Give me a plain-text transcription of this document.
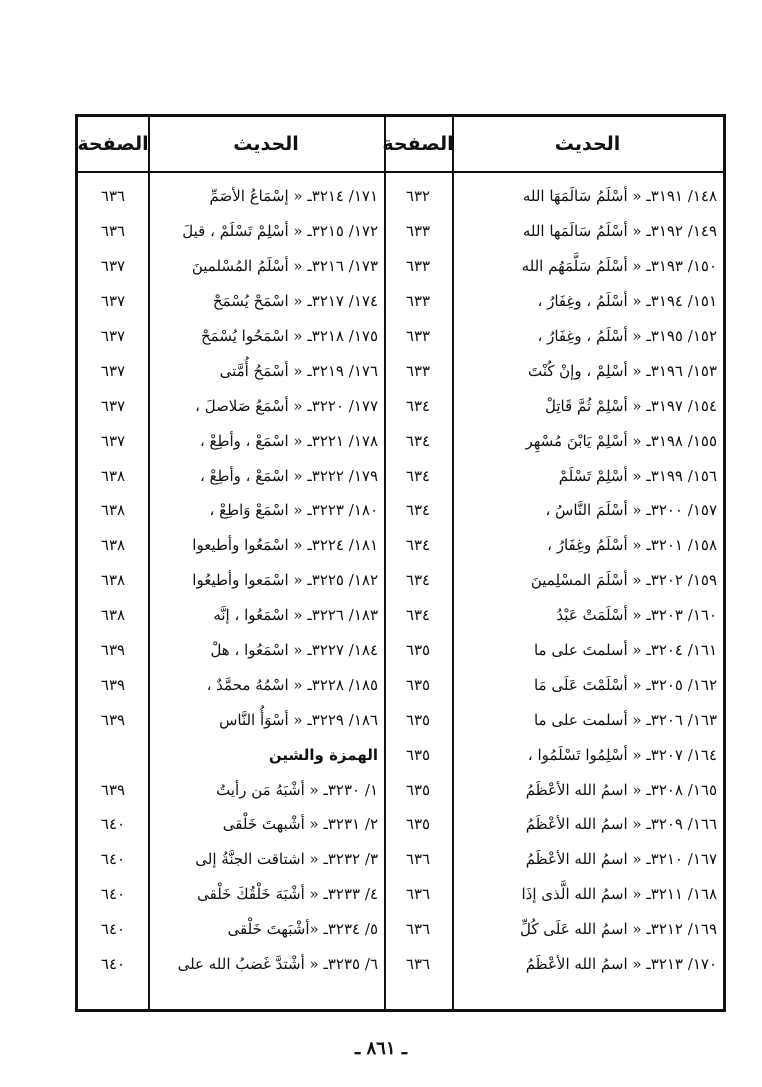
الحديث
الصفحة
الحديث
الصفحة
١٤٨/ ٣١٩١ـ « أسْلَمُ سَالَمَهَا الله
١٤٩/ ٣١٩٢ـ « أسْلَمُ سَالَمَها الله
١٥٠/ ٣١٩٣ـ « أسْلَمُ سَلَّمَهُم الله
١٥١/ ٣١٩٤ـ « أسْلَمُ ، وغِفَارُ ،
١٥٢/ ٣١٩٥ـ « أسْلَمُ ، وغِفَارُ ،
١٥٣/ ٣١٩٦ـ « أسْلِمْ ، وإنْ كُنْتَ
١٥٤/ ٣١٩٧ـ « أسْلِمْ ثُمَّ قَاتِلْ
١٥٥/ ٣١٩٨ـ « أسْلِمْ يَابْنَ مُسْهِر
١٥٦/ ٣١٩٩ـ « أسْلِمْ تَسْلَمْ
١٥٧/ ٣٢٠٠ـ « أسْلَمَ النَّاسُ ،
١٥٨/ ٣٢٠١ـ « أسْلَمُ وغِفَارُ ،
١٥٩/ ٣٢٠٢ـ « أسْلَمَ المسْلِمينَ
١٦٠/ ٣٢٠٣ـ « أسْلَمَتْ عَبْدُ
١٦١/ ٣٢٠٤ـ « أسلمتَ على ما
١٦٢/ ٣٢٠٥ـ « أسْلَمْتَ عَلَى مَا
١٦٣/ ٣٢٠٦ـ « أسلمت على ما
١٦٤/ ٣٢٠٧ـ « أسْلِمُوا تَسْلَمُوا ،
١٦٥/ ٣٢٠٨ـ « اسمُ الله الأعْظَمُ
١٦٦/ ٣٢٠٩ـ « اسمُ الله الأعْظَمُ
١٦٧/ ٣٢١٠ـ « اسمُ الله الأعْظَمُ
١٦٨/ ٣٢١١ـ « اسمُ الله الَّذى إذَا
١٦٩/ ٣٢١٢ـ « اسمُ الله عَلَى كُلِّ
١٧٠/ ٣٢١٣ـ « اسمُ الله الأعْظَمُ
٦٣٢
٦٣٣
٦٣٣
٦٣٣
٦٣٣
٦٣٣
٦٣٤
٦٣٤
٦٣٤
٦٣٤
٦٣٤
٦٣٤
٦٣٤
٦٣٥
٦٣٥
٦٣٥
٦٣٥
٦٣٥
٦٣٥
٦٣٦
٦٣٦
٦٣٦
٦٣٦
١٧١/ ٣٢١٤ـ « إسْمَاعُ الأصَمِّ
١٧٢/ ٣٢١٥ـ « أسْلِمْ تَسْلَمْ ، قيلَ
١٧٣/ ٣٢١٦ـ « أسْلَمُ المُسْلمينَ
١٧٤/ ٣٢١٧ـ « اسْمَحْ يُسْمَحْ
١٧٥/ ٣٢١٨ـ « اسْمَحُوا يُسْمَحْ
١٧٦/ ٣٢١٩ـ « أسْمَحُ أُمَّتى
١٧٧/ ٣٢٢٠ـ « أسْمَعُ صَلاصلَ ،
١٧٨/ ٣٢٢١ـ « اسْمَعْ ، وأطِعْ ،
١٧٩/ ٣٢٢٢ـ « اسْمَعْ ، وأطِعْ ،
١٨٠/ ٣٢٢٣ـ « اسْمَعْ وَاطِعْ ،
١٨١/ ٣٢٢٤ـ « اسْمَعُوا وأطيعوا
١٨٢/ ٣٢٢٥ـ « اسْمَعوا وأطيعُوا
١٨٣/ ٣٢٢٦ـ « اسْمَعُوا ، إنَّه
١٨٤/ ٣٢٢٧ـ « اسْمَعُوا ، هلْ
١٨٥/ ٣٢٢٨ـ « اسْمُهُ محمَّدٌ ،
١٨٦/ ٣٢٢٩ـ « أسْوَأُ النَّاس
الهمزة والشين
١/ ٣٢٣٠ـ « أشْبَهُ مَن رأيتُ
٢/ ٣٢٣١ـ « أشْبهتَ خَلْقى
٣/ ٣٢٣٢ـ « اشتاقت الجنَّةُ إلى
٤/ ٣٢٣٣ـ « أشْبَهَ خَلْقُكَ خَلْقى
٥/ ٣٢٣٤ـ «أشْبَهتَ خَلْقى
٦/ ٣٢٣٥ـ « أشْتدَّ غَضبُ الله على
٦٣٦
٦٣٦
٦٣٧
٦٣٧
٦٣٧
٦٣٧
٦٣٧
٦٣٧
٦٣٨
٦٣٨
٦٣٨
٦٣٨
٦٣٨
٦٣٩
٦٣٩
٦٣٩
٦٣٩
٦٤٠
٦٤٠
٦٤٠
٦٤٠
٦٤٠
ـ ٨٦١ ـ
